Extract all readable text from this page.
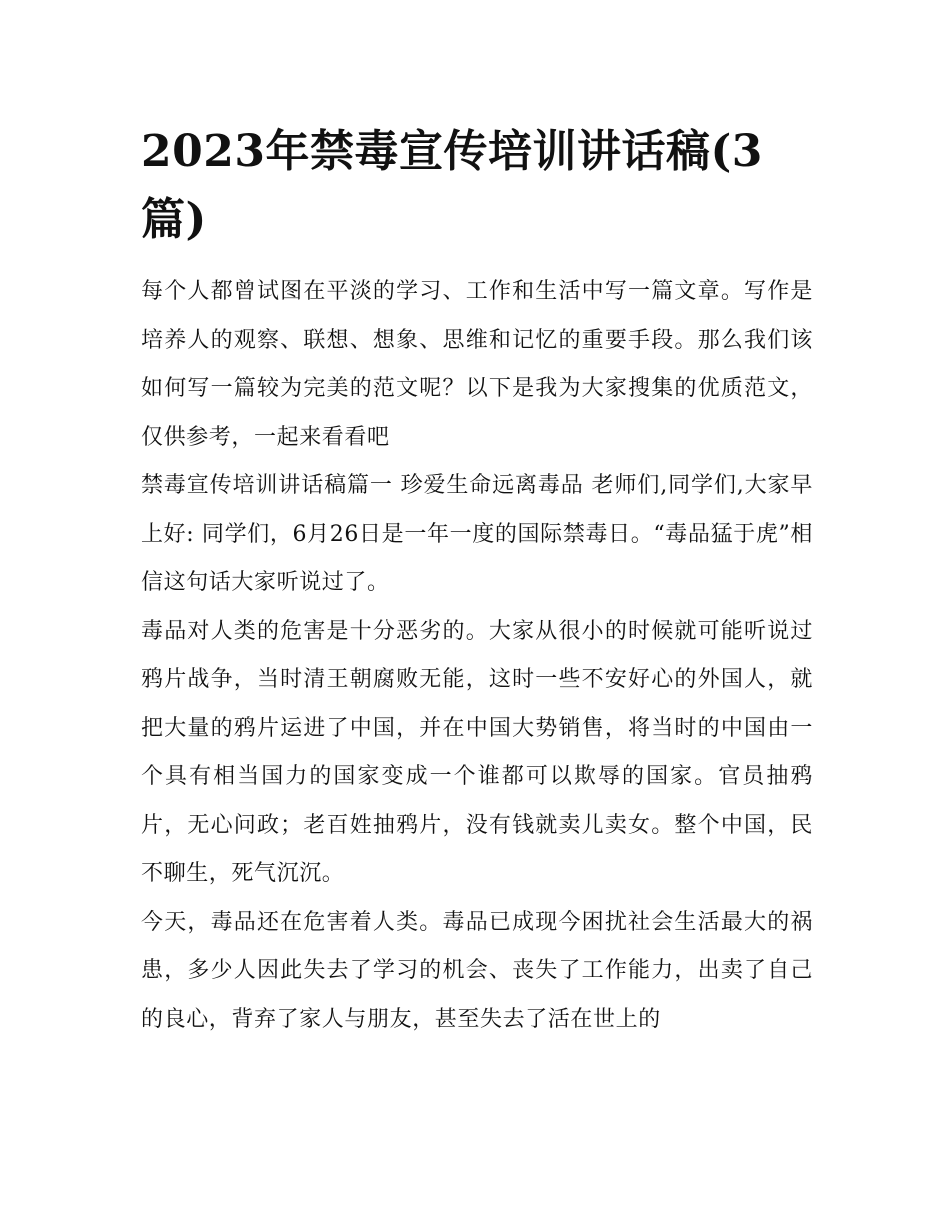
2023年禁毒宣传培训讲话稿(3篇)

每个人都曾试图在平淡的学习、工作和生活中写一篇文章。写作是培养人的观察、联想、想象、思维和记忆的重要手段。那么我们该如何写一篇较为完美的范文呢？以下是我为大家搜集的优质范文，仅供参考，一起来看看吧

禁毒宣传培训讲话稿篇一 珍爱生命远离毒品 老师们,同学们,大家早上好: 同学们，6月26日是一年一度的国际禁毒日。“毒品猛于虎”相信这句话大家听说过了。

毒品对人类的危害是十分恶劣的。大家从很小的时候就可能听说过鸦片战争，当时清王朝腐败无能，这时一些不安好心的外国人，就把大量的鸦片运进了中国，并在中国大势销售，将当时的中国由一个具有相当国力的国家变成一个谁都可以欺辱的国家。官员抽鸦片，无心问政；老百姓抽鸦片，没有钱就卖儿卖女。整个中国，民不聊生，死气沉沉。

今天，毒品还在危害着人类。毒品已成现今困扰社会生活最大的祸患，多少人因此失去了学习的机会、丧失了工作能力，出卖了自己的良心，背弃了家人与朋友，甚至失去了活在世上的
